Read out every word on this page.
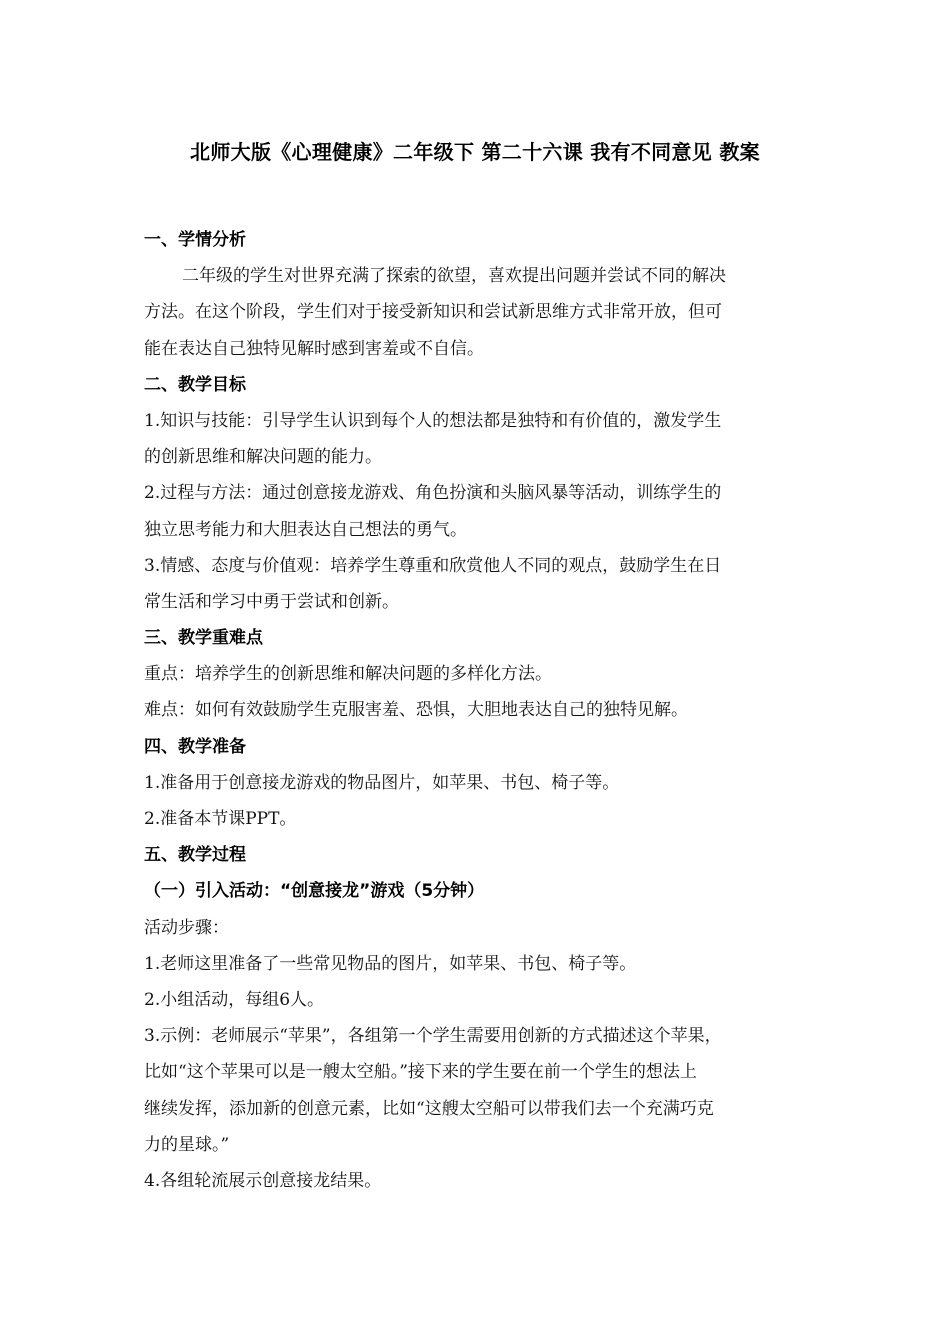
北师大版《心理健康》二年级下 第二十六课 我有不同意见 教案
一、学情分析
二年级的学生对世界充满了探索的欲望，喜欢提出问题并尝试不同的解决
方法。在这个阶段，学生们对于接受新知识和尝试新思维方式非常开放，但可
能在表达自己独特见解时感到害羞或不自信。
二、教学目标
1.知识与技能：引导学生认识到每个人的想法都是独特和有价值的，激发学生
的创新思维和解决问题的能力。
2.过程与方法：通过创意接龙游戏、角色扮演和头脑风暴等活动，训练学生的
独立思考能力和大胆表达自己想法的勇气。
3.情感、态度与价值观：培养学生尊重和欣赏他人不同的观点，鼓励学生在日
常生活和学习中勇于尝试和创新。
三、教学重难点
重点：培养学生的创新思维和解决问题的多样化方法。
难点：如何有效鼓励学生克服害羞、恐惧，大胆地表达自己的独特见解。
四、教学准备
1.准备用于创意接龙游戏的物品图片，如苹果、书包、椅子等。
2.准备本节课PPT。
五、教学过程
（一）引入活动：“创意接龙”游戏（5分钟）
活动步骤：
1.老师这里准备了一些常见物品的图片，如苹果、书包、椅子等。
2.小组活动，每组6人。
3.示例：老师展示“苹果”，各组第一个学生需要用创新的方式描述这个苹果，
比如“这个苹果可以是一艘太空船。”接下来的学生要在前一个学生的想法上
继续发挥，添加新的创意元素，比如“这艘太空船可以带我们去一个充满巧克
力的星球。”
4.各组轮流展示创意接龙结果。
